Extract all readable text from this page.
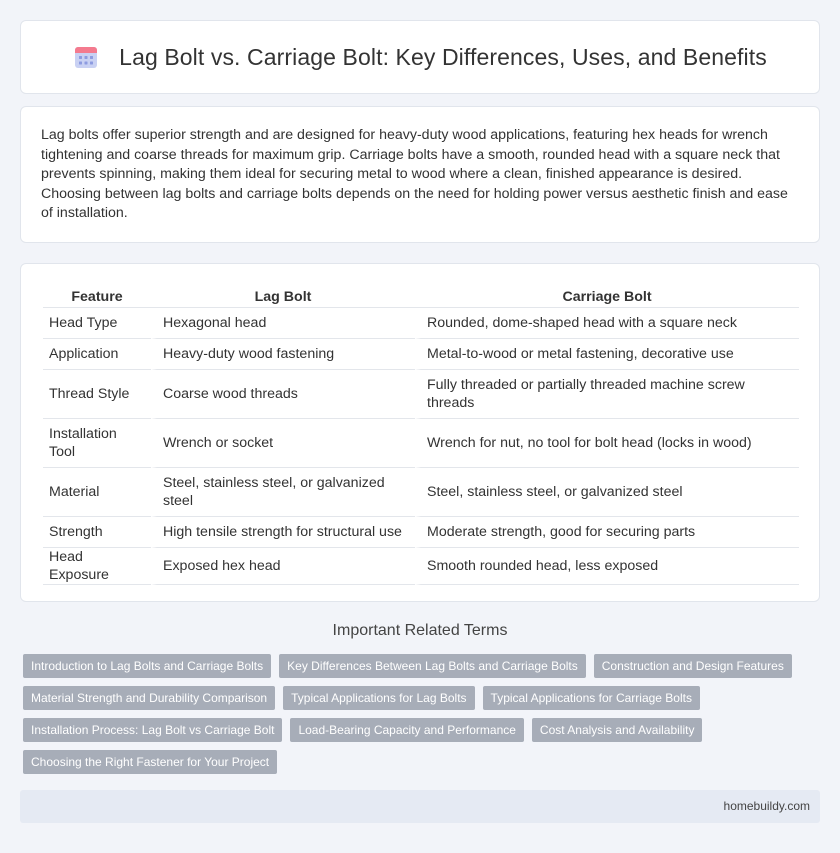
Lag Bolt vs. Carriage Bolt: Key Differences, Uses, and Benefits

Lag bolts offer superior strength and are designed for heavy-duty wood applications, featuring hex heads for wrench tightening and coarse threads for maximum grip. Carriage bolts have a smooth, rounded head with a square neck that prevents spinning, making them ideal for securing metal to wood where a clean, finished appearance is desired. Choosing between lag bolts and carriage bolts depends on the need for holding power versus aesthetic finish and ease of installation.

Feature	Lag Bolt	Carriage Bolt
Head Type	Hexagonal head	Rounded, dome-shaped head with a square neck
Application	Heavy-duty wood fastening	Metal-to-wood or metal fastening, decorative use
Thread Style	Coarse wood threads	Fully threaded or partially threaded machine screw threads
Installation Tool	Wrench or socket	Wrench for nut, no tool for bolt head (locks in wood)
Material	Steel, stainless steel, or galvanized steel	Steel, stainless steel, or galvanized steel
Strength	High tensile strength for structural use	Moderate strength, good for securing parts
Head Exposure	Exposed hex head	Smooth rounded head, less exposed
Important Related Terms
Introduction to Lag Bolts and Carriage Bolts	Key Differences Between Lag Bolts and Carriage Bolts	Construction and Design Features
Material Strength and Durability Comparison	Typical Applications for Lag Bolts	Typical Applications for Carriage Bolts
Installation Process: Lag Bolt vs Carriage Bolt	Load-Bearing Capacity and Performance	Cost Analysis and Availability
Choosing the Right Fastener for Your Project
homebuildy.com
